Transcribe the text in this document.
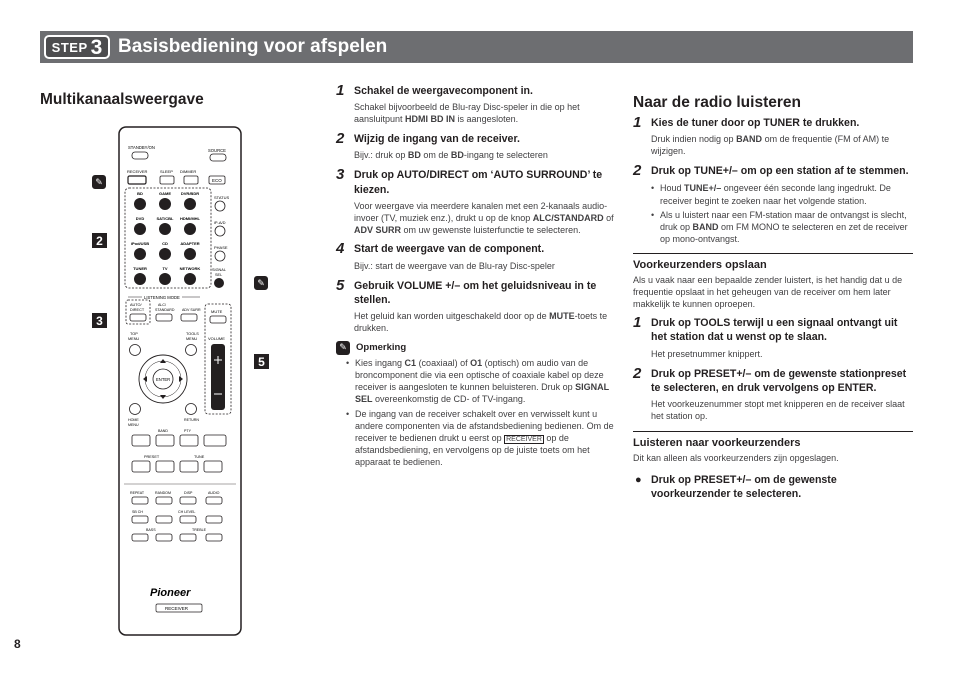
STEP 3 Basisbediening voor afspelen
Multikanaalsweergave
STANDBY/ON
SOURCE
RECEIVER	SLEEP DIMMER
ECO
BD	GAME DVR/BDR
DVD	SAT/CBL HDMI/MHL
iPod/USB	CD	ADAPTER
TUNER	TV	NETWORK
STATUS
iP-A/D
PHASE
SIGNAL
SEL
LISTENING MODE
AUTO/
DIRECT
ALC/
STANDARD ADV SURR	MUTE
VOLUME
TOP
MENU
TOOLS
MENU
ENTER
HOME
MENU
RETURN
BAND	PTY
PRESET	TUNE
REPEAT	RANDOM	DISP	AUDIO
SB CH	CH LEVEL
BASS	TREBLE
Pioneer
RECEIVER
✎
2
3
✎
5
1 Schakel de weergavecomponent in.
Schakel bijvoorbeeld de Blu-ray Disc-speler in die op het aansluitpunt HDMI BD IN is aangesloten.
2 Wijzig de ingang van de receiver.
Bijv.: druk op BD om de BD-ingang te selecteren
3 Druk op AUTO/DIRECT om ‘AUTO SURROUND’ te kiezen.
Voor weergave via meerdere kanalen met een 2-kanaals audio-invoer (TV, muziek enz.), drukt u op de knop ALC/STANDARD of ADV SURR om uw gewenste luisterfunctie te selecteren.
4 Start de weergave van de component.
Bijv.: start de weergave van de Blu-ray Disc-speler
5 Gebruik VOLUME +/– om het geluidsniveau in te stellen.
Het geluid kan worden uitgeschakeld door op de MUTE-toets te drukken.
✎ Opmerking
• Kies ingang C1 (coaxiaal) of O1 (optisch) om audio van de broncomponent die via een optische of coaxiale kabel op deze receiver is aangesloten te kunnen beluisteren. Druk op SIGNAL SEL overeenkomstig de CD- of TV-ingang.
• De ingang van de receiver schakelt over en verwisselt kunt u andere componenten via de afstandsbediening bedienen. Om de receiver te bedienen drukt u eerst op RECEIVER op de afstandsbediening, en vervolgens op de juiste toets om het apparaat te bedienen.
Naar de radio luisteren
1 Kies de tuner door op TUNER te drukken.
Druk indien nodig op BAND om de frequentie (FM of AM) te wijzigen.
2 Druk op TUNE+/– om op een station af te stemmen.
• Houd TUNE+/– ongeveer één seconde lang ingedrukt. De receiver begint te zoeken naar het volgende station.
• Als u luistert naar een FM-station maar de ontvangst is slecht, druk op BAND om FM MONO te selecteren en zet de receiver op mono-ontvangst.
Voorkeurzenders opslaan
Als u vaak naar een bepaalde zender luistert, is het handig dat u de frequentie opslaat in het geheugen van de receiver om hem later makkelijk te kunnen oproepen.
1 Druk op TOOLS terwijl u een signaal ontvangt uit het station dat u wenst op te slaan.
Het presetnummer knippert.
2 Druk op PRESET+/– om de gewenste stationpreset te selecteren, en druk vervolgens op ENTER.
Het voorkeuzenummer stopt met knipperen en de receiver slaat het station op.
Luisteren naar voorkeurzenders
Dit kan alleen als voorkeurzenders zijn opgeslagen.
● Druk op PRESET+/– om de gewenste voorkeurzender te selecteren.
8
